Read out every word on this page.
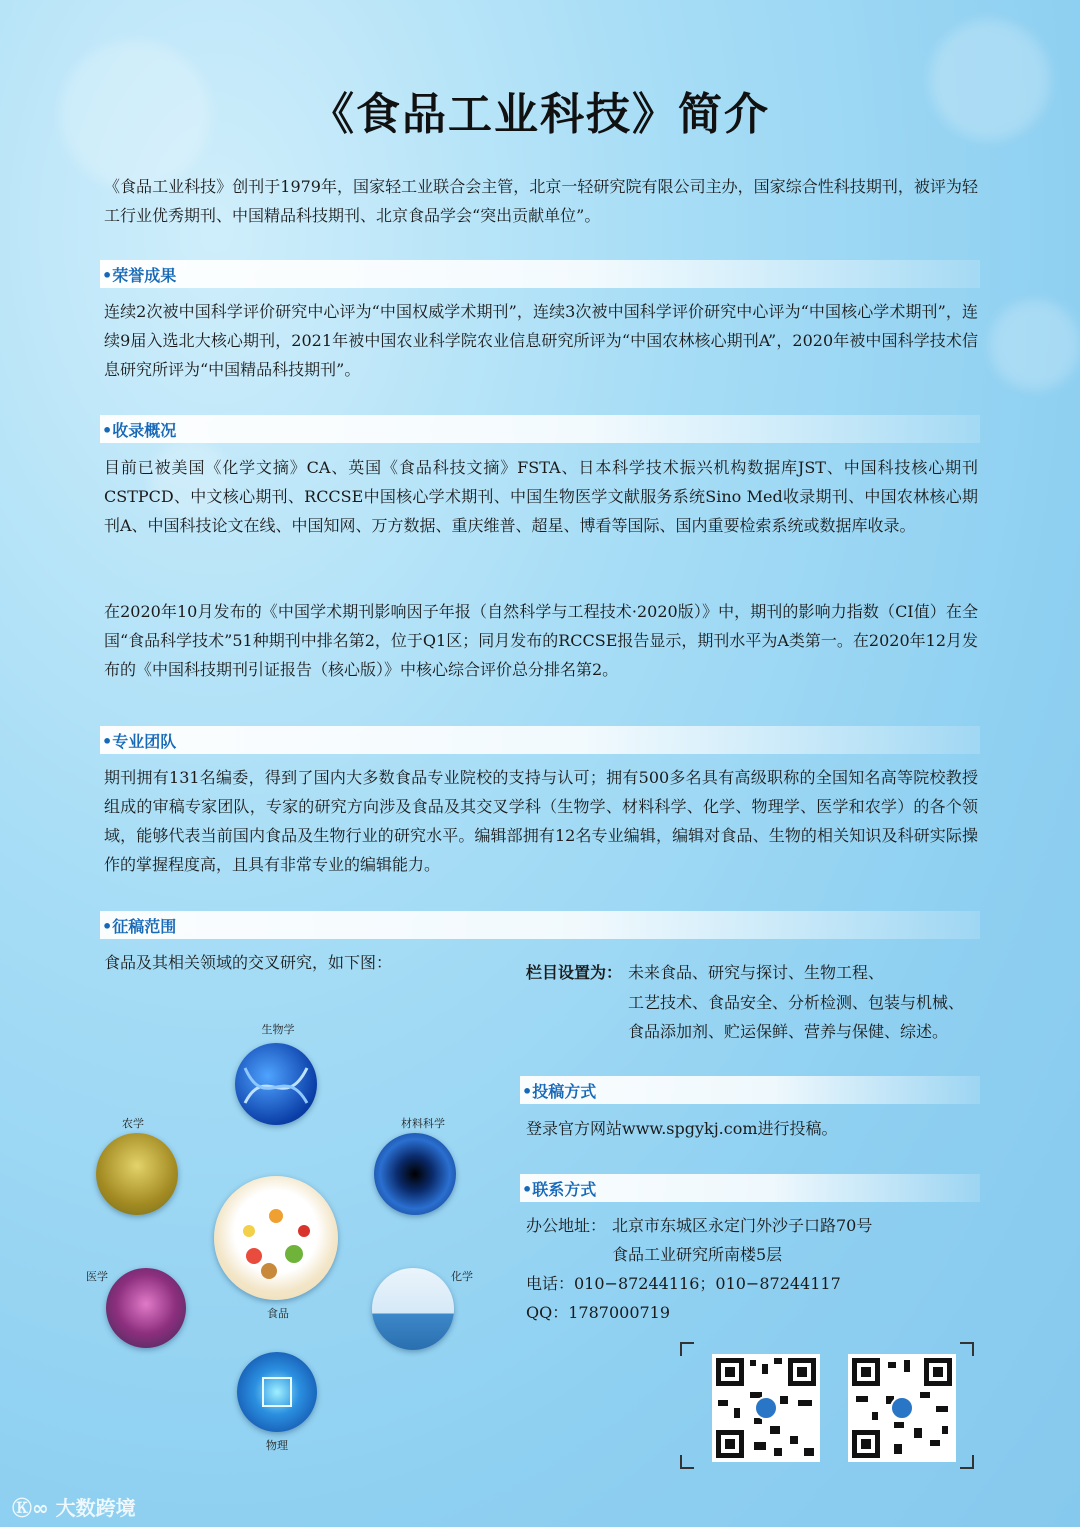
《食品工业科技》简介

《食品工业科技》创刊于1979年，国家轻工业联合会主管，北京一轻研究院有限公司主办，国家综合性科技期刊，被评为轻工行业优秀期刊、中国精品科技期刊、北京食品学会“突出贡献单位”。

•荣誉成果

连续2次被中国科学评价研究中心评为“中国权威学术期刊”，连续3次被中国科学评价研究中心评为“中国核心学术期刊”，连续9届入选北大核心期刊，2021年被中国农业科学院农业信息研究所评为“中国农林核心期刊A”，2020年被中国科学技术信息研究所评为“中国精品科技期刊”。

•收录概况

目前已被美国《化学文摘》CA、英国《食品科技文摘》FSTA、日本科学技术振兴机构数据库JST、中国科技核心期刊CSTPCD、中文核心期刊、RCCSE中国核心学术期刊、中国生物医学文献服务系统Sino Med收录期刊、中国农林核心期刊A、中国科技论文在线、中国知网、万方数据、重庆维普、超星、博看等国际、国内重要检索系统或数据库收录。

在2020年10月发布的《中国学术期刊影响因子年报（自然科学与工程技术·2020版）》中，期刊的影响力指数（CI值）在全国“食品科学技术”51种期刊中排名第2，位于Q1区；同月发布的RCCSE报告显示，期刊水平为A类第一。在2020年12月发布的《中国科技期刊引证报告（核心版）》中核心综合评价总分排名第2。

•专业团队

期刊拥有131名编委，得到了国内大多数食品专业院校的支持与认可；拥有500多名具有高级职称的全国知名高等院校教授组成的审稿专家团队，专家的研究方向涉及食品及其交叉学科（生物学、材料科学、化学、物理学、医学和农学）的各个领域，能够代表当前国内食品及生物行业的研究水平。编辑部拥有12名专业编辑，编辑对食品、生物的相关知识及科研实际操作的掌握程度高，且具有非常专业的编辑能力。

•征稿范围
食品及其相关领域的交叉研究，如下图：
栏目设置为： 未来食品、研究与探讨、生物工程、
工艺技术、食品安全、分析检测、包装与机械、
食品添加剂、贮运保鲜、营养与保健、综述。
生物学
农学	材料科学
食品
医学	化学
物理
•投稿方式
登录官方网站www.spgykj.com进行投稿。
•联系方式
办公地址： 北京市东城区永定门外沙子口路70号
食品工业研究所南楼5层
电话：010−87244116；010−87244117
QQ：1787000719
Ⓚ∞ 大数跨境
